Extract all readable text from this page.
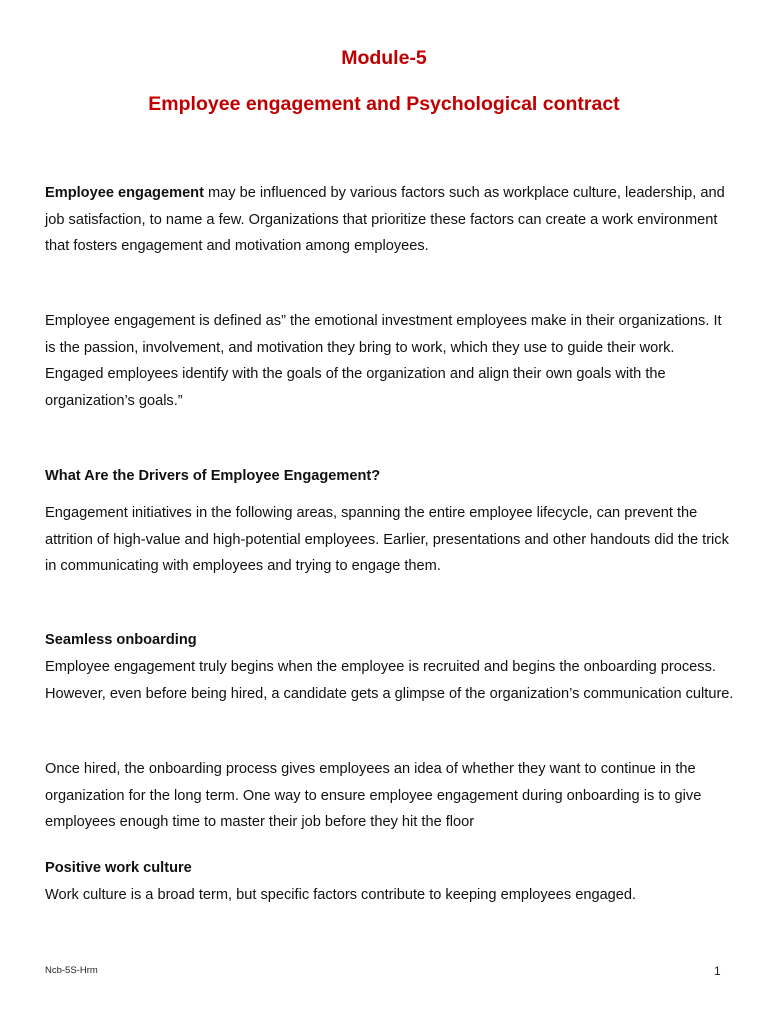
Module-5
Employee engagement and Psychological contract

Employee engagement may be influenced by various factors such as workplace culture, leadership, and job satisfaction, to name a few. Organizations that prioritize these factors can create a work environment that fosters engagement and motivation among employees.

Employee engagement is defined as” the emotional investment employees make in their organizations. It is the passion, involvement, and motivation they bring to work, which they use to guide their work. Engaged employees identify with the goals of the organization and align their own goals with the organization’s goals.”

What Are the Drivers of Employee Engagement?

Engagement initiatives in the following areas, spanning the entire employee lifecycle, can prevent the attrition of high-value and high-potential employees. Earlier, presentations and other handouts did the trick in communicating with employees and trying to engage them.

Seamless onboarding

Employee engagement truly begins when the employee is recruited and begins the onboarding process. However, even before being hired, a candidate gets a glimpse of the organization’s communication culture.

Once hired, the onboarding process gives employees an idea of whether they want to continue in the organization for the long term. One way to ensure employee engagement during onboarding is to give employees enough time to master their job before they hit the floor

Positive work culture

Work culture is a broad term, but specific factors contribute to keeping employees engaged.

Ncb-5S-Hrm	1
